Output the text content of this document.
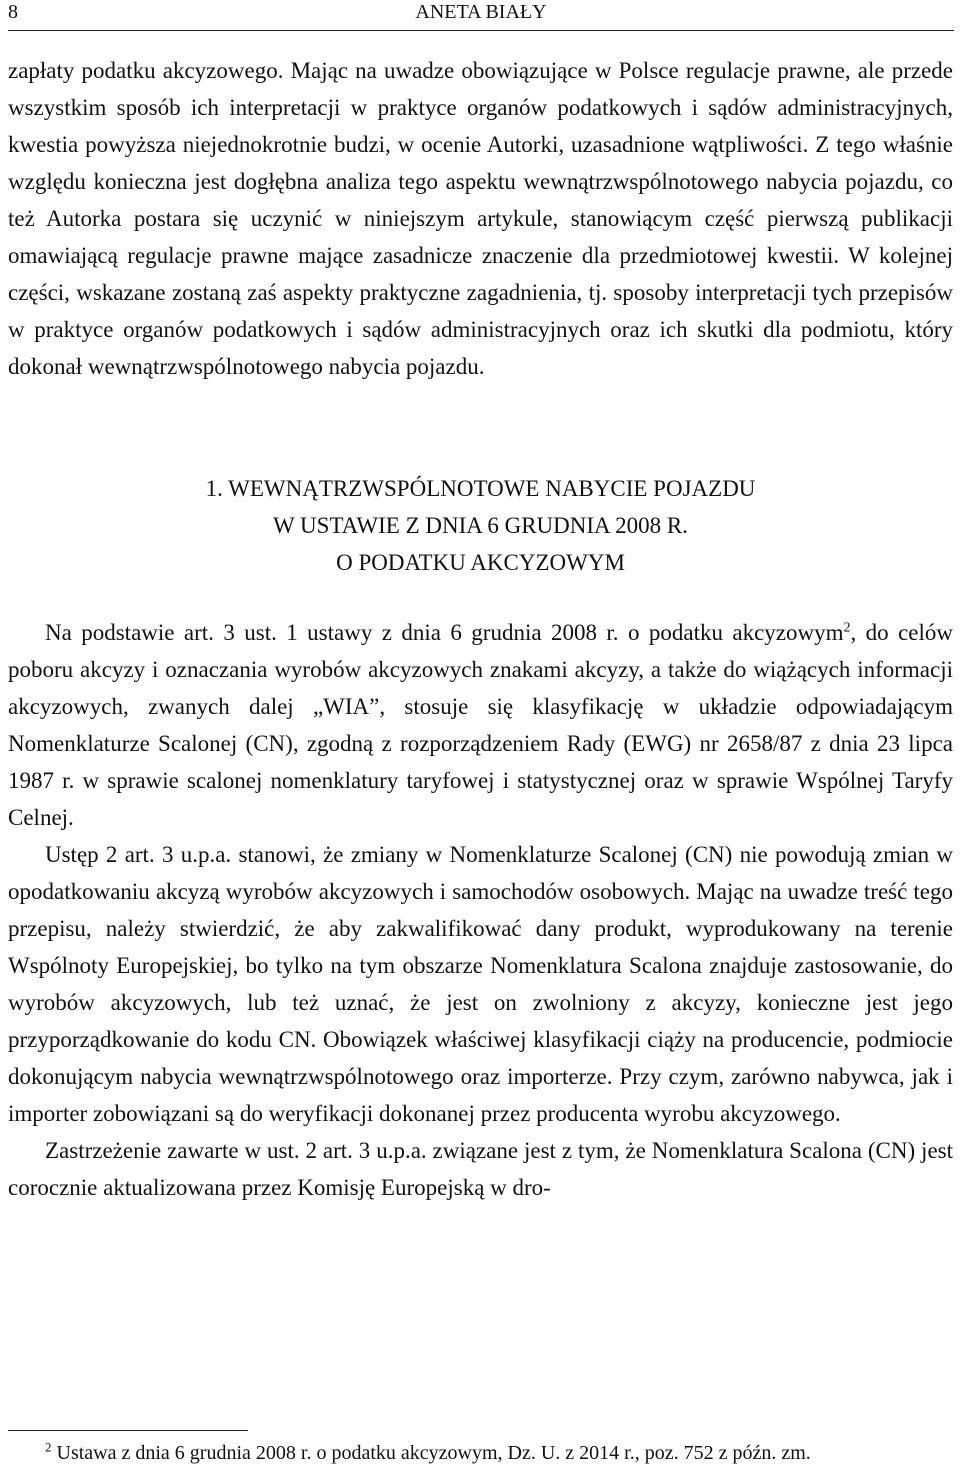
8	ANETA BIAŁY

zapłaty podatku akcyzowego. Mając na uwadze obowiązujące w Polsce regulacje prawne, ale przede wszystkim sposób ich interpretacji w praktyce organów podatkowych i sądów administracyjnych, kwestia powyższa niejednokrotnie budzi, w ocenie Autorki, uzasadnione wątpliwości. Z tego właśnie względu konieczna jest dogłębna analiza tego aspektu wewnątrzwspólnotowego nabycia pojazdu, co też Autorka postara się uczynić w niniejszym artykule, stanowiącym część pierwszą publikacji omawiającą regulacje prawne mające zasadnicze znaczenie dla przedmiotowej kwestii. W kolejnej części, wskazane zostaną zaś aspekty praktyczne zagadnienia, tj. sposoby interpretacji tych przepisów w praktyce organów podatkowych i sądów administracyjnych oraz ich skutki dla podmiotu, który dokonał wewnątrzwspólnotowego nabycia pojazdu.

1. WEWNĄTRZWSPÓLNOTOWE NABYCIE POJAZDU
W USTAWIE Z DNIA 6 GRUDNIA 2008 R.
O PODATKU AKCYZOWYM

Na podstawie art. 3 ust. 1 ustawy z dnia 6 grudnia 2008 r. o podatku akcyzowym$^2$, do celów poboru akcyzy i oznaczania wyrobów akcyzowych znakami akcyzy, a także do wiążących informacji akcyzowych, zwanych dalej „WIA”, stosuje się klasyfikację w układzie odpowiadającym Nomenklaturze Scalonej (CN), zgodną z rozporządzeniem Rady (EWG) nr 2658/87 z dnia 23 lipca 1987 r. w sprawie scalonej nomenklatury taryfowej i statystycznej oraz w sprawie Wspólnej Taryfy Celnej.

Ustęp 2 art. 3 u.p.a. stanowi, że zmiany w Nomenklaturze Scalonej (CN) nie powodują zmian w opodatkowaniu akcyzą wyrobów akcyzowych i samochodów osobowych. Mając na uwadze treść tego przepisu, należy stwierdzić, że aby zakwalifikować dany produkt, wyprodukowany na terenie Wspólnoty Europejskiej, bo tylko na tym obszarze Nomenklatura Scalona znajduje zastosowanie, do wyrobów akcyzowych, lub też uznać, że jest on zwolniony z akcyzy, konieczne jest jego przyporządkowanie do kodu CN. Obowiązek właściwej klasyfikacji ciąży na producencie, podmiocie dokonującym nabycia wewnątrzwspólnotowego oraz importerze. Przy czym, zarówno nabywca, jak i importer zobowiązani są do weryfikacji dokonanej przez producenta wyrobu akcyzowego.

Zastrzeżenie zawarte w ust. 2 art. 3 u.p.a. związane jest z tym, że Nomenklatura Scalona (CN) jest corocznie aktualizowana przez Komisję Europejską w dro-

$^2$ Ustawa z dnia 6 grudnia 2008 r. o podatku akcyzowym, Dz. U. z 2014 r., poz. 752 z późn. zm.
